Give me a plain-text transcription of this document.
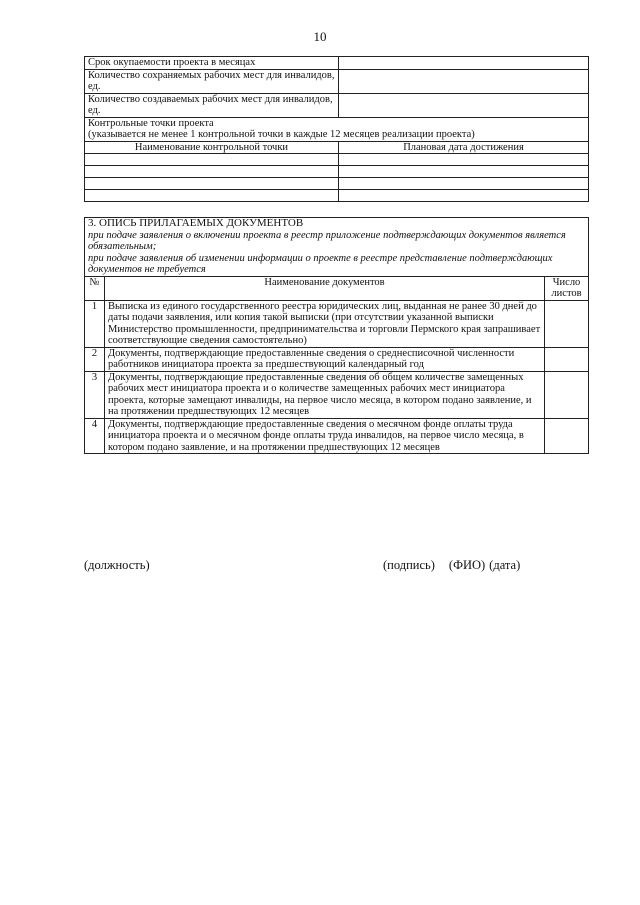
10
Срок окупаемости проекта в месяцах	
Количество сохраняемых рабочих мест для инвалидов, ед.	
Количество создаваемых рабочих мест для инвалидов, ед.	

Контрольные точки проекта
(указывается не менее 1 контрольной точки в каждые 12 месяцев реализации проекта)	

Наименование контрольной точки	Плановая дата достижения

3. ОПИСЬ ПРИЛАГАЕМЫХ ДОКУМЕНТОВ
при подаче заявления о включении проекта в реестр приложение подтверждающих документов является обязательным;
при подаче заявления об изменении информации о проекте в реестре представление подтверждающих документов не требуется		

№	Наименование документов	Число листов
1	Выписка из единого государственного реестра юридических лиц, выданная не ранее 30 дней до даты подачи заявления, или копия такой выписки (при отсутствии указанной выписки Министерство промышленности, предпринимательства и торговли Пермского края запрашивает соответствующие сведения самостоятельно)	
2	Документы, подтверждающие предоставленные сведения о среднесписочной численности работников инициатора проекта за предшествующий календарный год	
3	Документы, подтверждающие предоставленные сведения об общем количестве замещенных рабочих мест инициатора проекта и о количестве замещенных рабочих мест инициатора проекта, которые замещают инвалиды, на первое число месяца, в котором подано заявление, и на протяжении предшествующих 12 месяцев	
4	Документы, подтверждающие предоставленные сведения о месячном фонде оплаты труда инициатора проекта и о месячном фонде оплаты труда инвалидов, на первое число месяца, в котором подано заявление, и на протяжении предшествующих 12 месяцев	
(должность)	(подпись) (ФИО) (дата)
